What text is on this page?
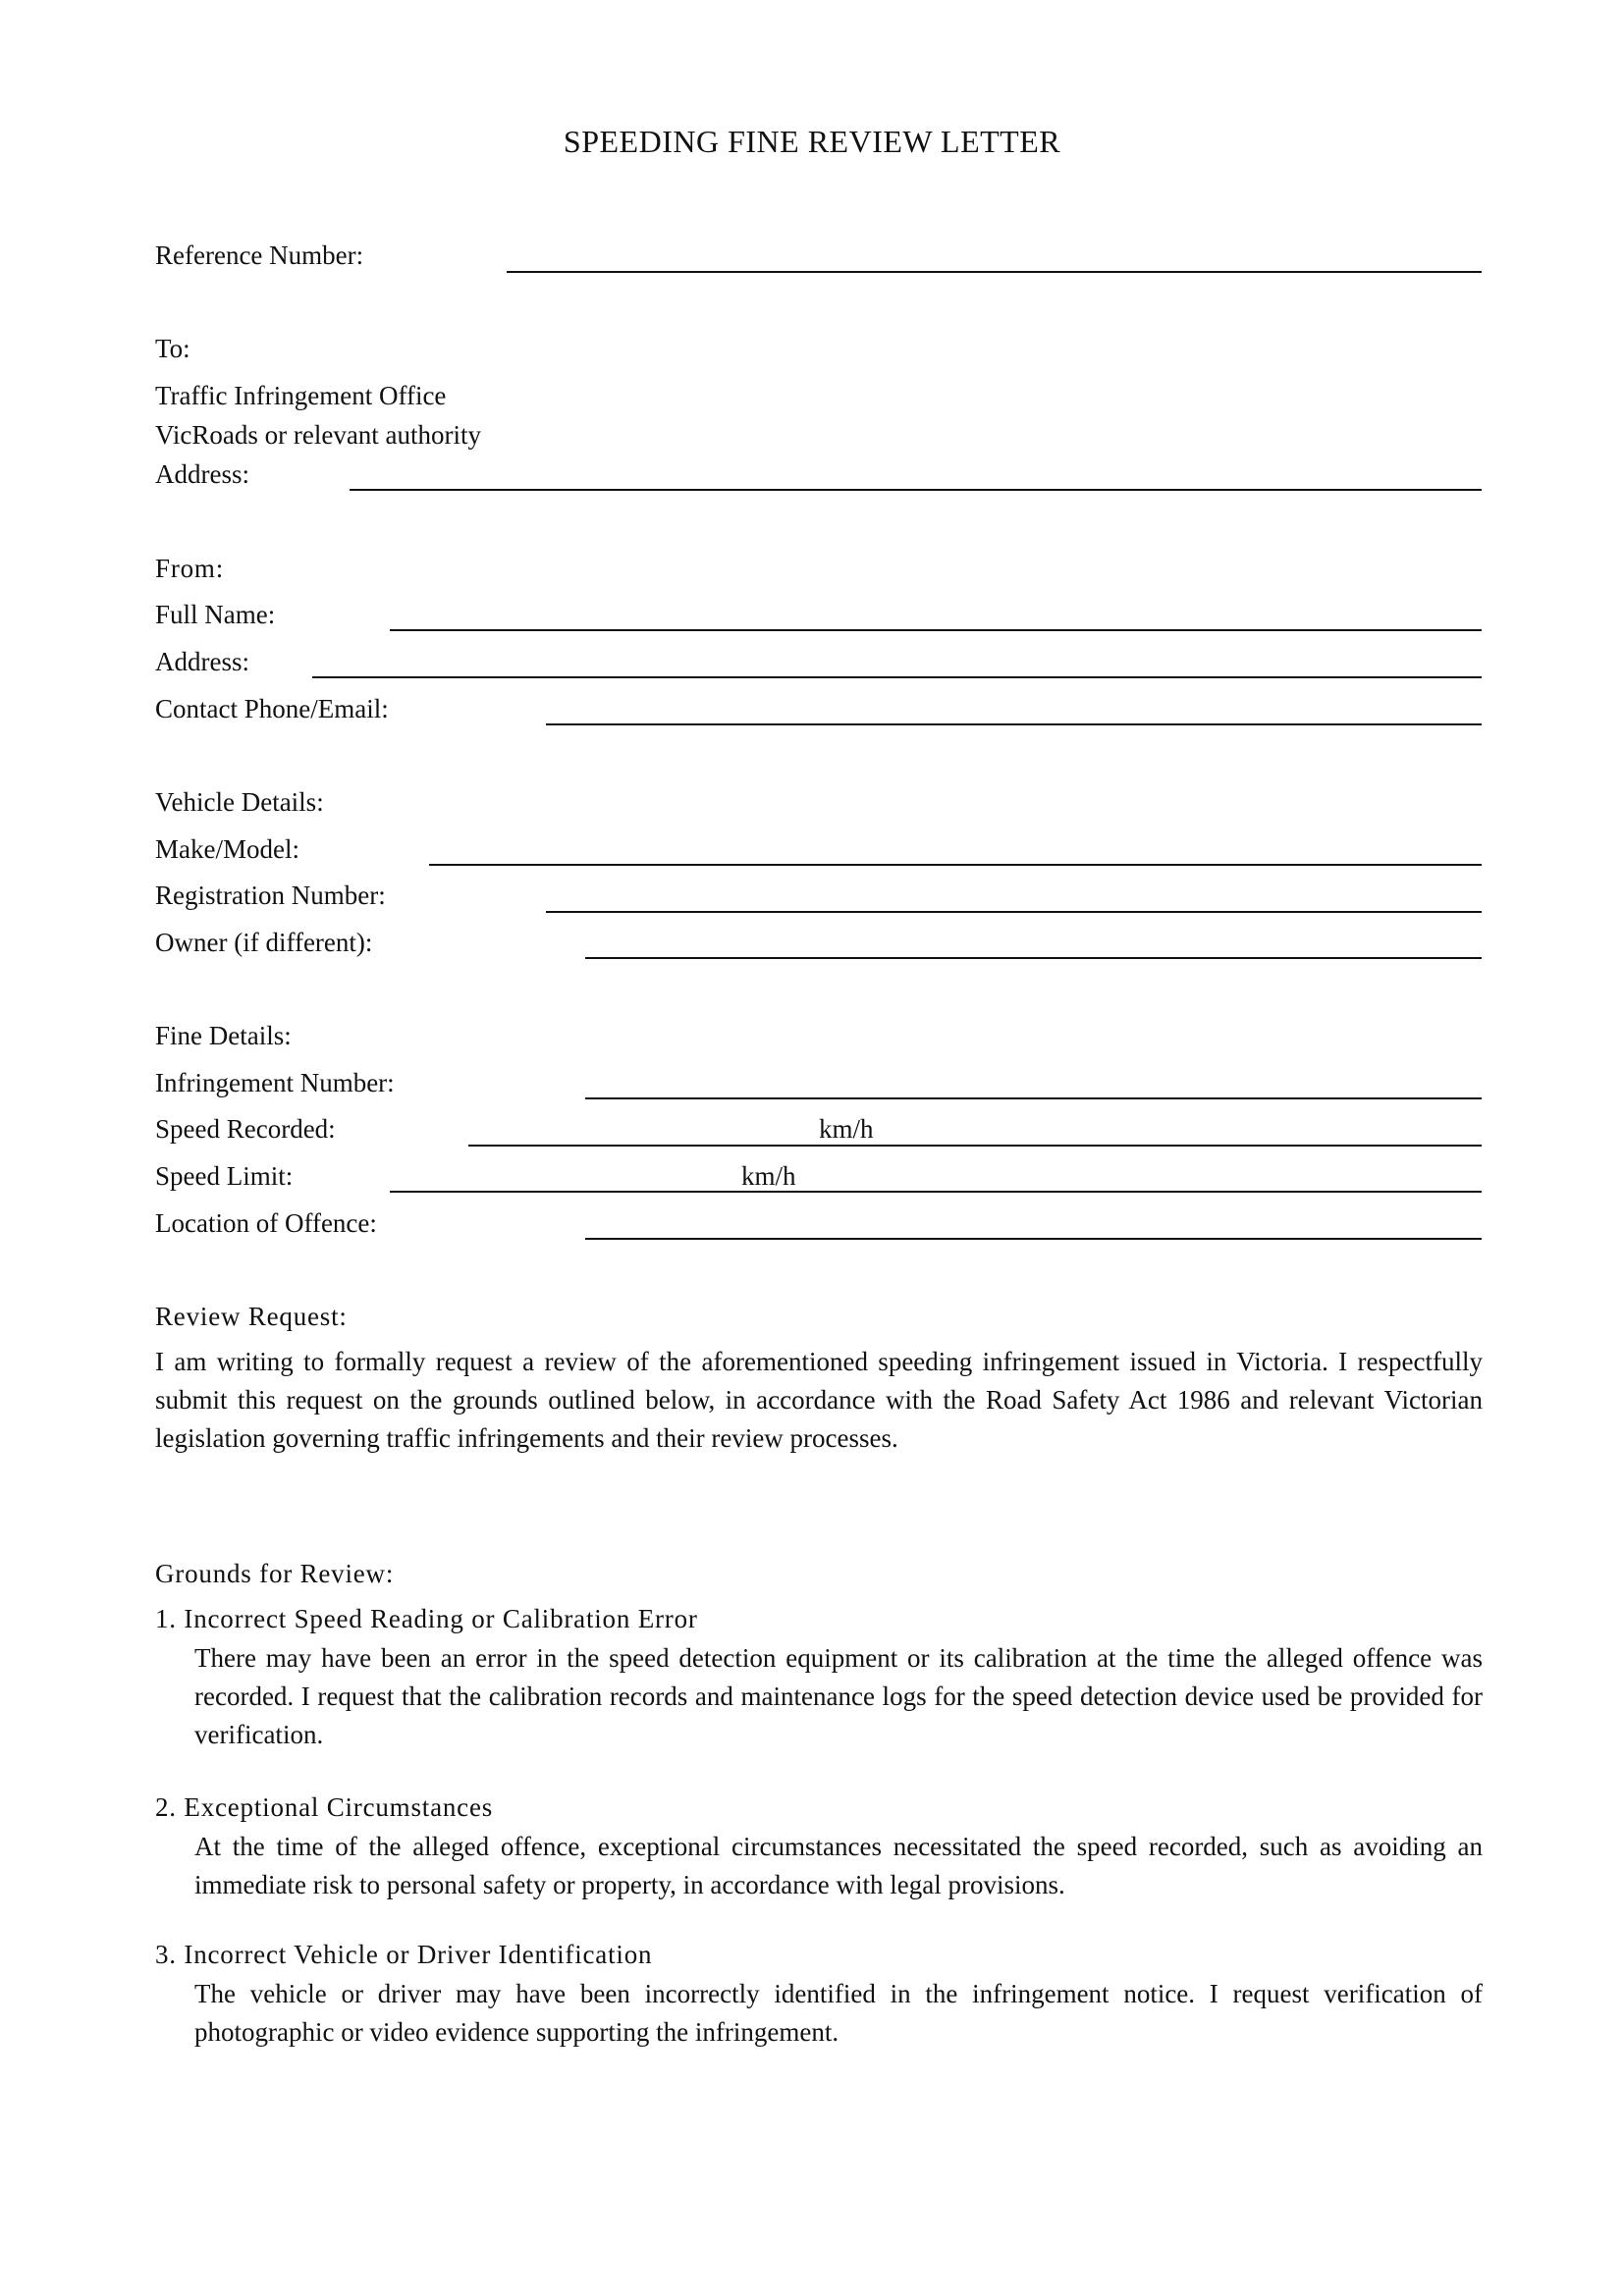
SPEEDING FINE REVIEW LETTER
Reference Number:
To:
Traffic Infringement Office
VicRoads or relevant authority
Address:
From:
Full Name:
Address:
Contact Phone/Email:
Vehicle Details:
Make/Model:
Registration Number:
Owner (if different):
Fine Details:
Infringement Number:
Speed Recorded:	km/h
Speed Limit:	km/h
Location of Offence:
Review Request:
I am writing to formally request a review of the aforementioned speeding infringement issued in Victoria. I respectfully submit this request on the grounds outlined below, in accordance with the Road Safety Act 1986 and relevant Victorian legislation governing traffic infringements and their review processes.
Grounds for Review:
1. Incorrect Speed Reading or Calibration Error
There may have been an error in the speed detection equipment or its calibration at the time the alleged offence was recorded. I request that the calibration records and maintenance logs for the speed detection device used be provided for verification.
2. Exceptional Circumstances
At the time of the alleged offence, exceptional circumstances necessitated the speed recorded, such as avoiding an immediate risk to personal safety or property, in accordance with legal provisions.
3. Incorrect Vehicle or Driver Identification
The vehicle or driver may have been incorrectly identified in the infringement notice. I request verification of photographic or video evidence supporting the infringement.
